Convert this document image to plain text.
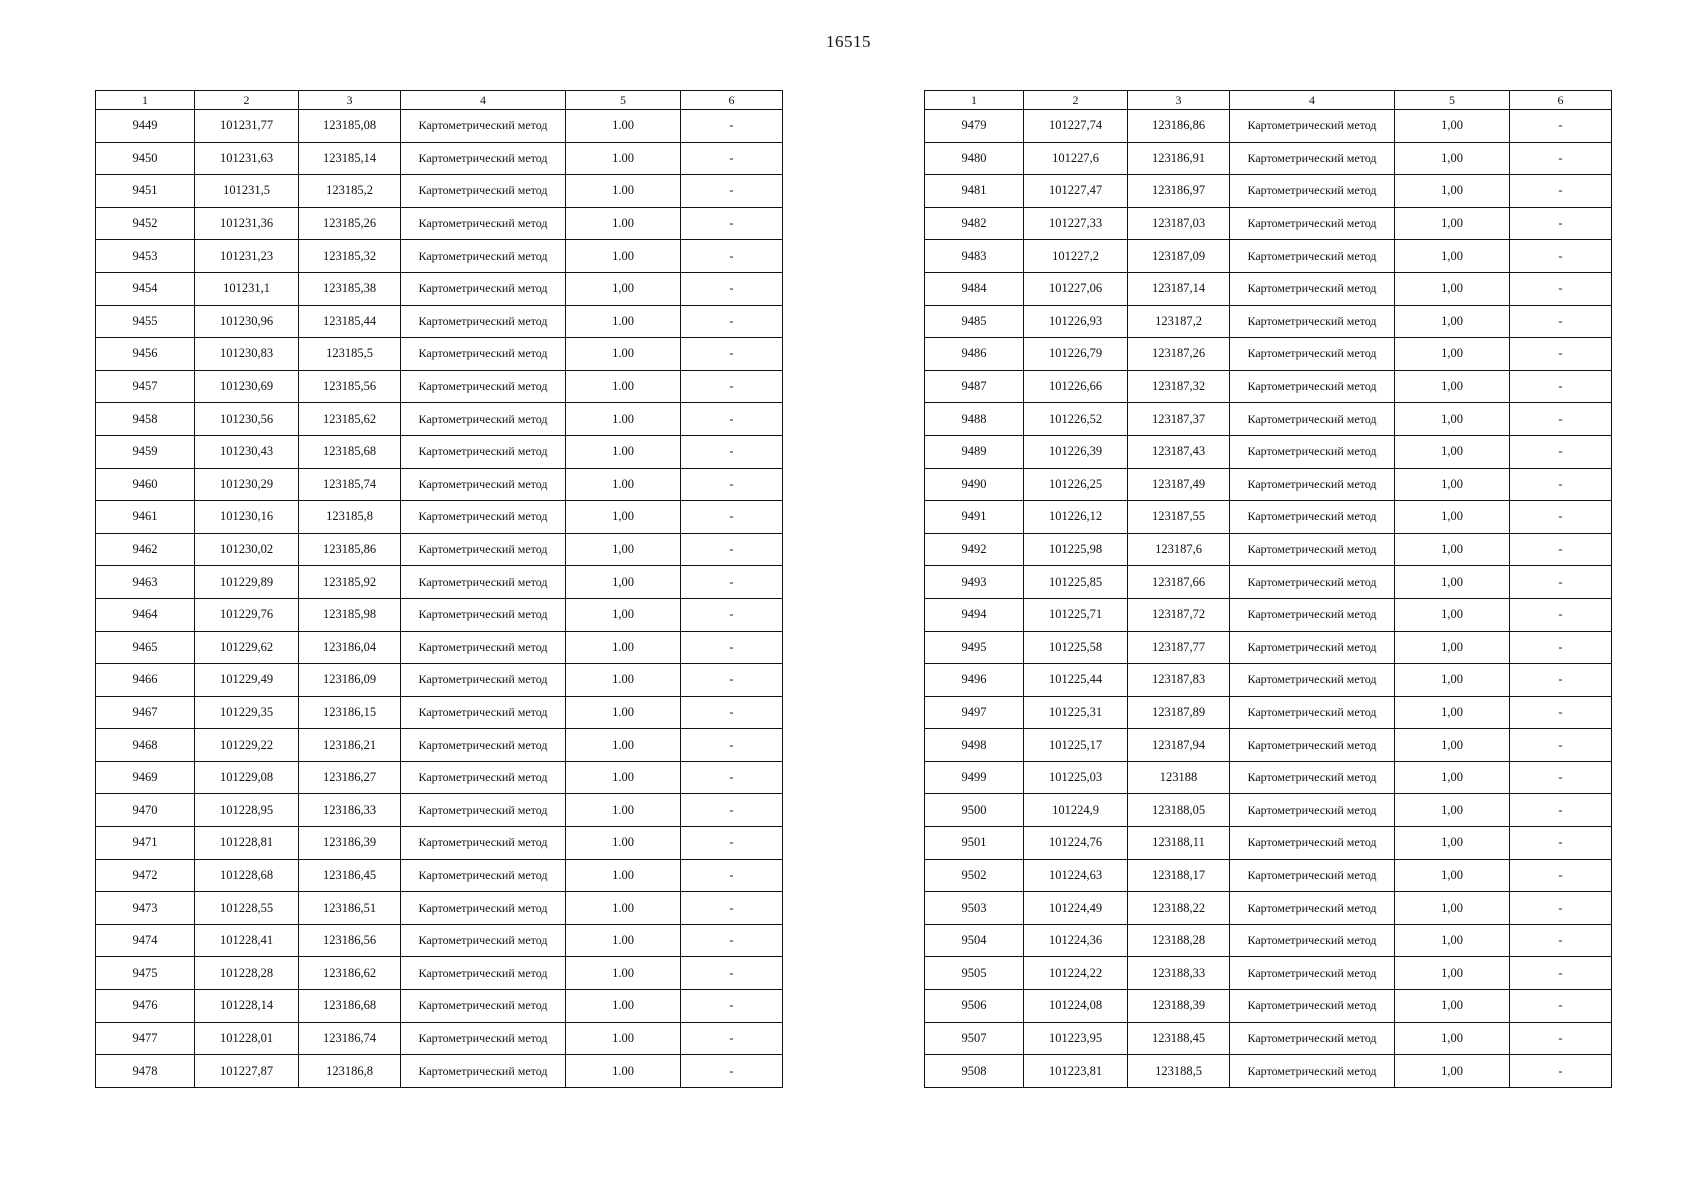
16515
1	2	3	4	5	6
9449	101231,77	123185,08	Картометрический метод	1.00	-
9450	101231,63	123185,14	Картометрический метод	1.00	-
9451	101231,5	123185,2	Картометрический метод	1.00	-
9452	101231,36	123185,26	Картометрический метод	1.00	-
9453	101231,23	123185,32	Картометрический метод	1.00	-
9454	101231,1	123185,38	Картометрический метод	1,00	-
9455	101230,96	123185,44	Картометрический метод	1.00	-
9456	101230,83	123185,5	Картометрический метод	1.00	-
9457	101230,69	123185,56	Картометрический метод	1.00	-
9458	101230,56	123185,62	Картометрический метод	1.00	-
9459	101230,43	123185,68	Картометрический метод	1.00	-
9460	101230,29	123185,74	Картометрический метод	1.00	-
9461	101230,16	123185,8	Картометрический метод	1,00	-
9462	101230,02	123185,86	Картометрический метод	1,00	-
9463	101229,89	123185,92	Картометрический метод	1,00	-
9464	101229,76	123185,98	Картометрический метод	1,00	-
9465	101229,62	123186,04	Картометрический метод	1.00	-
9466	101229,49	123186,09	Картометрический метод	1.00	-
9467	101229,35	123186,15	Картометрический метод	1.00	-
9468	101229,22	123186,21	Картометрический метод	1.00	-
9469	101229,08	123186,27	Картометрический метод	1.00	-
9470	101228,95	123186,33	Картометрический метод	1.00	-
9471	101228,81	123186,39	Картометрический метод	1.00	-
9472	101228,68	123186,45	Картометрический метод	1.00	-
9473	101228,55	123186,51	Картометрический метод	1.00	-
9474	101228,41	123186,56	Картометрический метод	1.00	-
9475	101228,28	123186,62	Картометрический метод	1.00	-
9476	101228,14	123186,68	Картометрический метод	1.00	-
9477	101228,01	123186,74	Картометрический метод	1.00	-
9478	101227,87	123186,8	Картометрический метод	1.00	-
1	2	3	4	5	6
9479	101227,74	123186,86	Картометрический метод	1,00	-
9480	101227,6	123186,91	Картометрический метод	1,00	-
9481	101227,47	123186,97	Картометрический метод	1,00	-
9482	101227,33	123187,03	Картометрический метод	1,00	-
9483	101227,2	123187,09	Картометрический метод	1,00	-
9484	101227,06	123187,14	Картометрический метод	1,00	-
9485	101226,93	123187,2	Картометрический метод	1,00	-
9486	101226,79	123187,26	Картометрический метод	1,00	-
9487	101226,66	123187,32	Картометрический метод	1,00	-
9488	101226,52	123187,37	Картометрический метод	1,00	-
9489	101226,39	123187,43	Картометрический метод	1,00	-
9490	101226,25	123187,49	Картометрический метод	1,00	-
9491	101226,12	123187,55	Картометрический метод	1,00	-
9492	101225,98	123187,6	Картометрический метод	1,00	-
9493	101225,85	123187,66	Картометрический метод	1,00	-
9494	101225,71	123187,72	Картометрический метод	1,00	-
9495	101225,58	123187,77	Картометрический метод	1,00	-
9496	101225,44	123187,83	Картометрический метод	1,00	-
9497	101225,31	123187,89	Картометрический метод	1,00	-
9498	101225,17	123187,94	Картометрический метод	1,00	-
9499	101225,03	123188	Картометрический метод	1,00	-
9500	101224,9	123188,05	Картометрический метод	1,00	-
9501	101224,76	123188,11	Картометрический метод	1,00	-
9502	101224,63	123188,17	Картометрический метод	1,00	-
9503	101224,49	123188,22	Картометрический метод	1,00	-
9504	101224,36	123188,28	Картометрический метод	1,00	-
9505	101224,22	123188,33	Картометрический метод	1,00	-
9506	101224,08	123188,39	Картометрический метод	1,00	-
9507	101223,95	123188,45	Картометрический метод	1,00	-
9508	101223,81	123188,5	Картометрический метод	1,00	-
